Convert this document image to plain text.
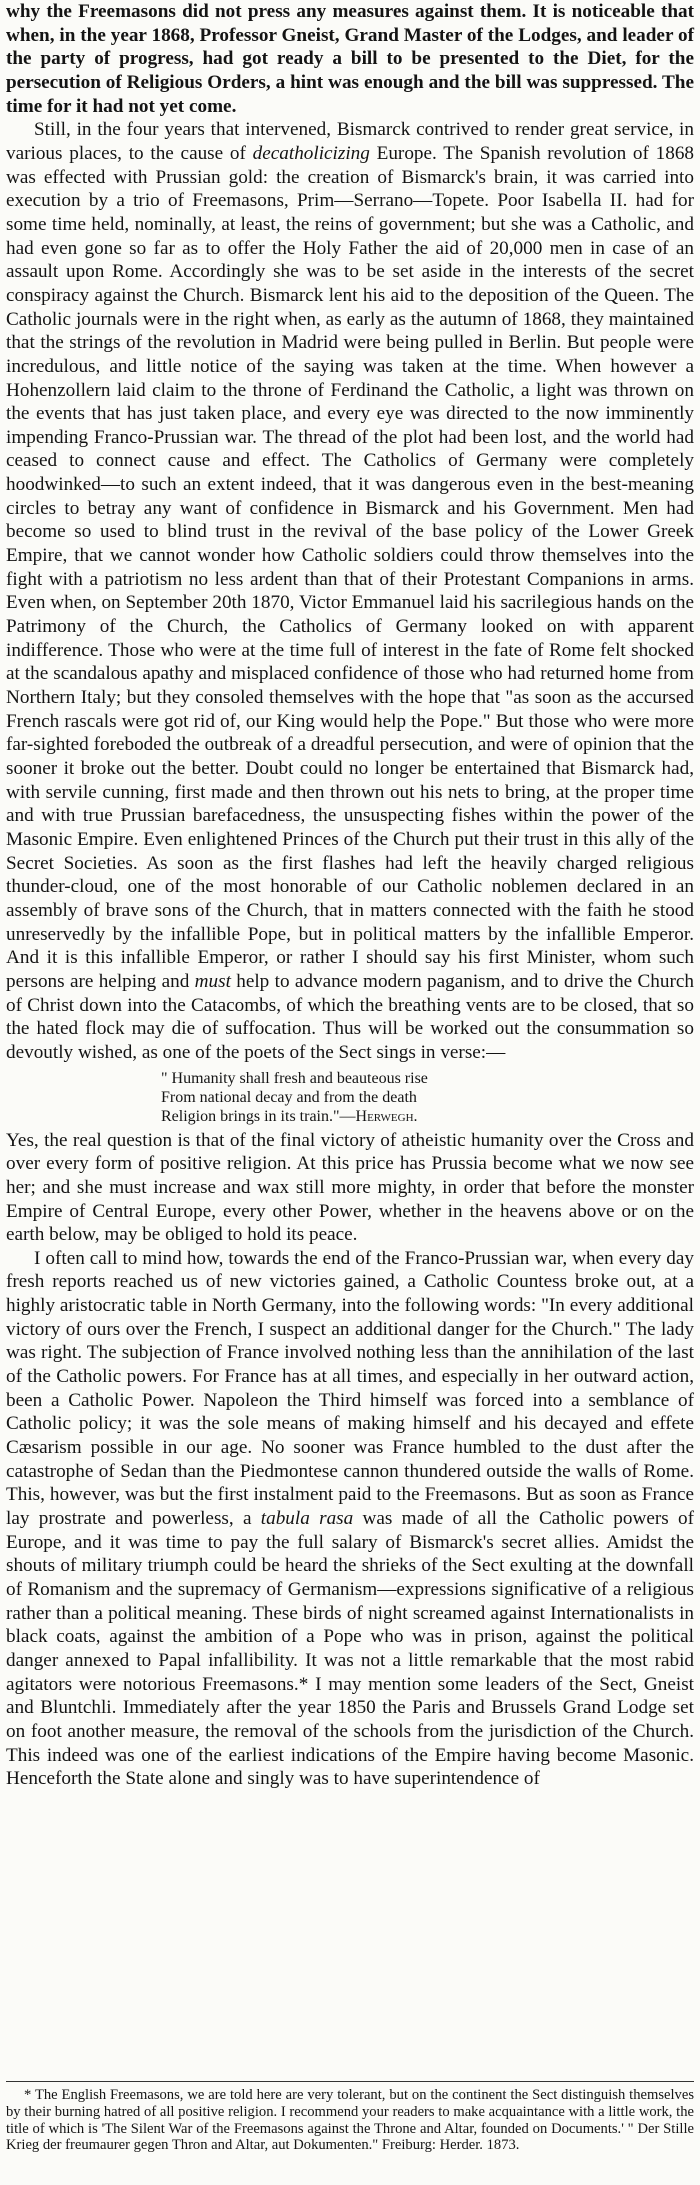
why the Freemasons did not press any measures against them. It is noticeable that when, in the year 1868, Professor Gneist, Grand Master of the Lodges, and leader of the party of progress, had got ready a bill to be presented to the Diet, for the persecution of Religious Orders, a hint was enough and the bill was suppressed. The time for it had not yet come.

Still, in the four years that intervened, Bismarck contrived to render great service, in various places, to the cause of decatholicizing Europe. The Spanish revolution of 1868 was effected with Prussian gold: the creation of Bismarck's brain, it was carried into execution by a trio of Freemasons, Prim—Serrano—Topete. Poor Isabella II. had for some time held, nominally, at least, the reins of government; but she was a Catholic, and had even gone so far as to offer the Holy Father the aid of 20,000 men in case of an assault upon Rome. Accordingly she was to be set aside in the interests of the secret conspiracy against the Church. Bismarck lent his aid to the deposition of the Queen. The Catholic journals were in the right when, as early as the autumn of 1868, they maintained that the strings of the revolution in Madrid were being pulled in Berlin. But people were incredulous, and little notice of the saying was taken at the time. When however a Hohenzollern laid claim to the throne of Ferdinand the Catholic, a light was thrown on the events that has just taken place, and every eye was directed to the now imminently impending Franco-Prussian war. The thread of the plot had been lost, and the world had ceased to connect cause and effect. The Catholics of Germany were completely hoodwinked—to such an extent indeed, that it was dangerous even in the best-meaning circles to betray any want of confidence in Bismarck and his Government. Men had become so used to blind trust in the revival of the base policy of the Lower Greek Empire, that we cannot wonder how Catholic soldiers could throw themselves into the fight with a patriotism no less ardent than that of their Protestant Companions in arms. Even when, on September 20th 1870, Victor Emmanuel laid his sacrilegious hands on the Patrimony of the Church, the Catholics of Germany looked on with apparent indifference. Those who were at the time full of interest in the fate of Rome felt shocked at the scandalous apathy and misplaced confidence of those who had returned home from Northern Italy; but they consoled themselves with the hope that "as soon as the accursed French rascals were got rid of, our King would help the Pope." But those who were more far-sighted foreboded the outbreak of a dreadful persecution, and were of opinion that the sooner it broke out the better. Doubt could no longer be entertained that Bismarck had, with servile cunning, first made and then thrown out his nets to bring, at the proper time and with true Prussian barefacedness, the unsuspecting fishes within the power of the Masonic Empire. Even enlightened Princes of the Church put their trust in this ally of the Secret Societies. As soon as the first flashes had left the heavily charged religious thunder-cloud, one of the most honorable of our Catholic noblemen declared in an assembly of brave sons of the Church, that in matters connected with the faith he stood unreservedly by the infallible Pope, but in political matters by the infallible Emperor. And it is this infallible Emperor, or rather I should say his first Minister, whom such persons are helping and must help to advance modern paganism, and to drive the Church of Christ down into the Catacombs, of which the breathing vents are to be closed, that so the hated flock may die of suffocation. Thus will be worked out the consummation so devoutly wished, as one of the poets of the Sect sings in verse:—

" Humanity shall fresh and beauteous rise
From national decay and from the death
Religion brings in its train."—Herwegh.

Yes, the real question is that of the final victory of atheistic humanity over the Cross and over every form of positive religion. At this price has Prussia become what we now see her; and she must increase and wax still more mighty, in order that before the monster Empire of Central Europe, every other Power, whether in the heavens above or on the earth below, may be obliged to hold its peace.

I often call to mind how, towards the end of the Franco-Prussian war, when every day fresh reports reached us of new victories gained, a Catholic Countess broke out, at a highly aristocratic table in North Germany, into the following words: "In every additional victory of ours over the French, I suspect an additional danger for the Church." The lady was right. The subjection of France involved nothing less than the annihilation of the last of the Catholic powers. For France has at all times, and especially in her outward action, been a Catholic Power. Napoleon the Third himself was forced into a semblance of Catholic policy; it was the sole means of making himself and his decayed and effete Cæsarism possible in our age. No sooner was France humbled to the dust after the catastrophe of Sedan than the Piedmontese cannon thundered outside the walls of Rome. This, however, was but the first instalment paid to the Freemasons. But as soon as France lay prostrate and powerless, a tabula rasa was made of all the Catholic powers of Europe, and it was time to pay the full salary of Bismarck's secret allies. Amidst the shouts of military triumph could be heard the shrieks of the Sect exulting at the downfall of Romanism and the supremacy of Germanism—expressions significative of a religious rather than a political meaning. These birds of night screamed against Internationalists in black coats, against the ambition of a Pope who was in prison, against the political danger annexed to Papal infallibility. It was not a little remarkable that the most rabid agitators were notorious Freemasons.* I may mention some leaders of the Sect, Gneist and Bluntchli. Immediately after the year 1850 the Paris and Brussels Grand Lodge set on foot another measure, the removal of the schools from the jurisdiction of the Church. This indeed was one of the earliest indications of the Empire having become Masonic. Henceforth the State alone and singly was to have superintendence of

* The English Freemasons, we are told here are very tolerant, but on the continent the Sect distinguish themselves by their burning hatred of all positive religion. I recommend your readers to make acquaintance with a little work, the title of which is 'The Silent War of the Freemasons against the Throne and Altar, founded on Documents.' " Der Stille Krieg der freumaurer gegen Thron and Altar, aut Dokumenten." Freiburg: Herder. 1873.
